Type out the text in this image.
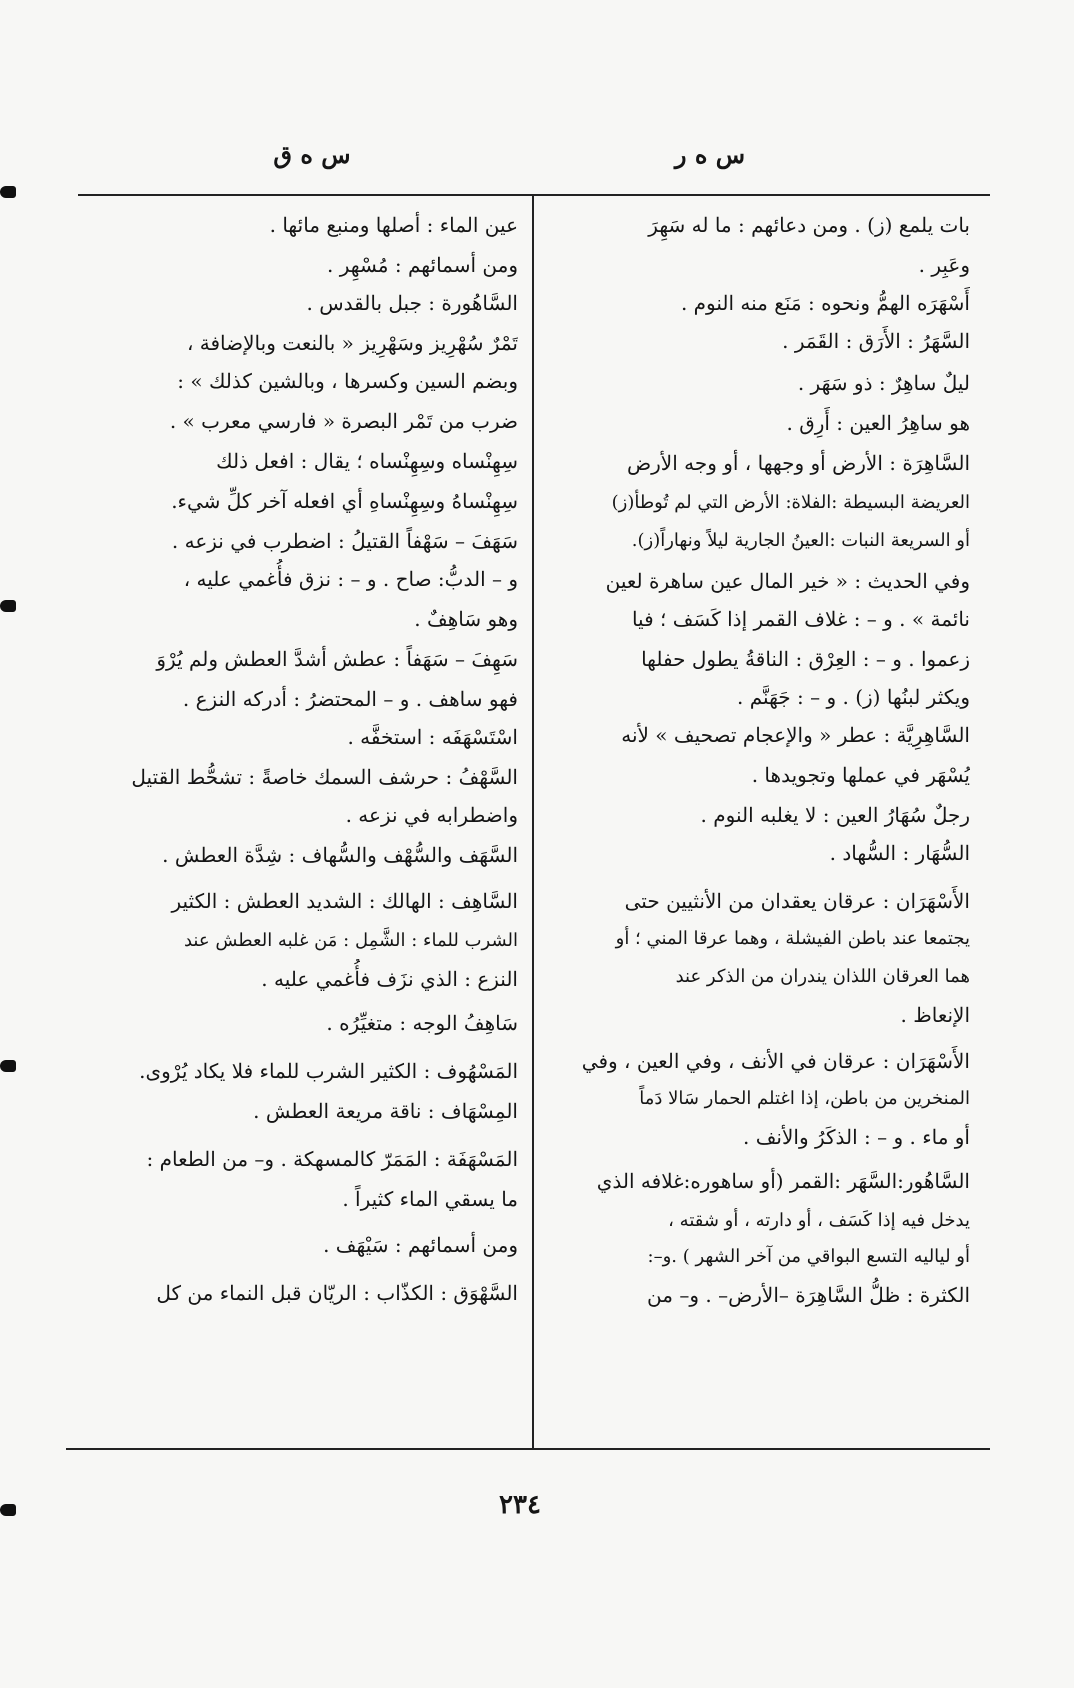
س ه ر
س ه ق
بات يلمع (ز) . ومن دعائهم : ما له سَهِرَ
وعَبِر .
أَسْهَرَه الهمُّ ونحوه : مَنَع منه النوم .
السَّهَرُ : الأَرَق : القَمَر .
ليلٌ ساهِرٌ : ذو سَهَر .
هو ساهِرُ العين : أَرِق .
السَّاهِرَة : الأرض أو وجهها ، أو وجه الأرض
العريضة البسيطة :الفلاة: الأرض التي لم تُوطأ(ز)
أو السريعة النبات :العينُ الجارية ليلاً ونهاراً(ز).
وفي الحديث : « خير المال عين ساهرة لعين
نائمة » . و – : غلاف القمر إذا كَسَف ؛ فيا
زعموا . و – : العِرْق : الناقةُ يطول حفلها
ويكثر لبنُها (ز) . و – : جَهَنَّم .
السَّاهِرِيَّة : عطر « والإعجام تصحيف » لأنه
يُسْهَر في عملها وتجويدها .
رجلٌ سُهَارُ العين : لا يغلبه النوم .
السُّهَار : السُّهاد .
الأَسْهَرَان : عرقان يعقدان من الأنثيين حتى
يجتمعا عند باطن الفيشلة ، وهما عرقا المني ؛ أو
هما العرقان اللذان يندران من الذكر عند
الإنعاظ .
الأَسْهَرَان : عرقان في الأنف ، وفي العين ، وفي
المنخرين من باطن، إذا اغتلم الحمار سَالا دَماً
أو ماء . و – : الذكَرُ والأنف .
السَّاهُور:السَّهَر :القمر (أو ساهوره:غلافه الذي
يدخل فيه إذا كَسَف ، أو دارته ، أو شقته ،
أو لياليه التسع البواقي من آخر الشهر ) .و–:
الكثرة : ظلُّ السَّاهِرَة –الأرض– . و– من
عين الماء : أصلها ومنبع مائها .
ومن أسمائهم : مُسْهِر .
السَّاهُورة : جبل بالقدس .
تَمْرٌ سُهْرِيز وسَهْرِيز « بالنعت وبالإضافة ،
وبضم السين وكسرها ، وبالشين كذلك » :
ضرب من تَمْر البصرة « فارسي معرب » .
سِهِنْساه وسِهِنْساه ؛ يقال : افعل ذلك
سِهِنْساهُ وسِهِنْساهِ أي افعله آخر كلِّ شيء.
سَهَفَ – سَهْفاً القتيلُ : اضطرب في نزعه .
و – الدبُّ: صاح . و – : نزق فأُغمي عليه ،
وهو سَاهِفٌ .
سَهِفَ – سَهَفاً : عطش أشدَّ العطش ولم يُرْوَ
فهو ساهف . و – المحتضرُ : أدركه النزع .
اسْتَسْهَفَه : استخفَّه .
السَّهْفُ : حرشف السمك خاصةً : تشحُّط القتيل
واضطرابه في نزعه .
السَّهَف والسُّهْف والسُّهاف : شِدَّة العطش .
السَّاهِف : الهالك : الشديد العطش : الكثير
الشرب للماء : الشَّمِل : مَن غلبه العطش عند
النزع : الذي نزَف فأُغمي عليه .
سَاهِفُ الوجه : متغيِّرُه .
المَسْهُوف : الكثير الشرب للماء فلا يكاد يُرْوى.
المِسْهَاف : ناقة مريعة العطش .
المَسْهَفَة : المَمَرّ كالمسهكة . و– من الطعام :
ما يسقي الماء كثيراً .
ومن أسمائهم : سَيْهَف .
السَّهْوَق : الكذّاب : الريّان قبل النماء من كل
٢٣٤
